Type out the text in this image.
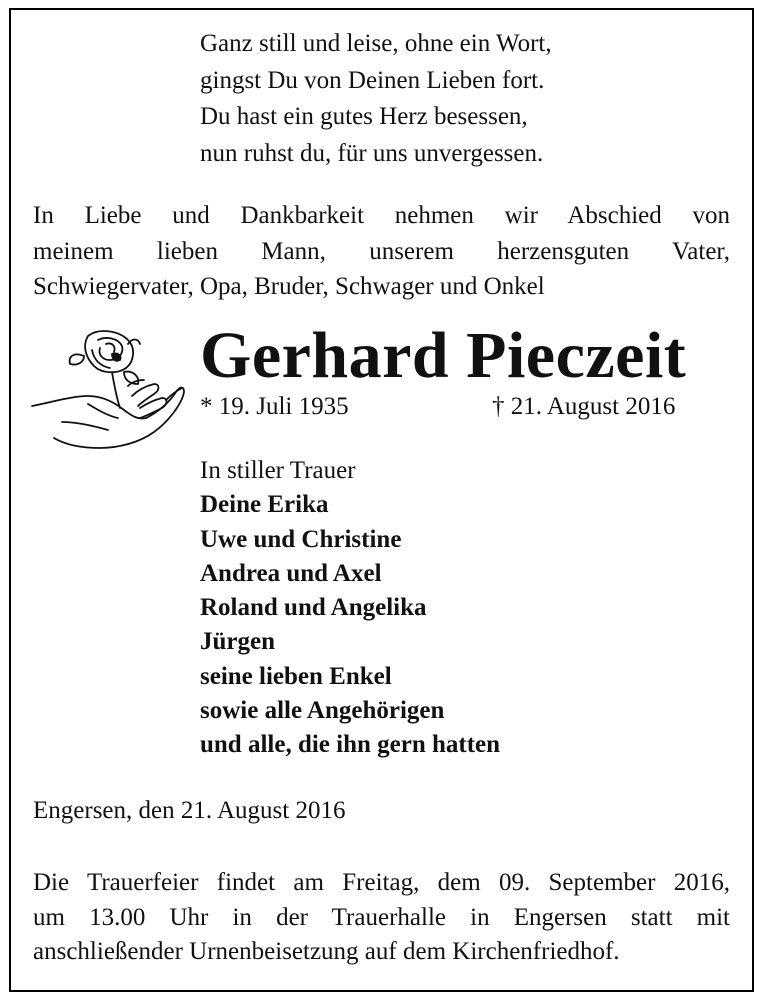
Ganz still und leise, ohne ein Wort,
gingst Du von Deinen Lieben fort.
Du hast ein gutes Herz besessen,
nun ruhst du, für uns unvergessen.
In Liebe und Dankbarkeit nehmen wir Abschied von
meinem lieben Mann, unserem herzensguten Vater,
Schwiegervater, Opa, Bruder, Schwager und Onkel
Gerhard Pieczeit
* 19. Juli 1935	† 21. August 2016
In stiller Trauer
Deine Erika
Uwe und Christine
Andrea und Axel
Roland und Angelika
Jürgen
seine lieben Enkel
sowie alle Angehörigen
und alle, die ihn gern hatten
Engersen, den 21. August 2016
Die Trauerfeier findet am Freitag, dem 09. September 2016,
um 13.00 Uhr in der Trauerhalle in Engersen statt mit
anschließender Urnenbeisetzung auf dem Kirchenfriedhof.
